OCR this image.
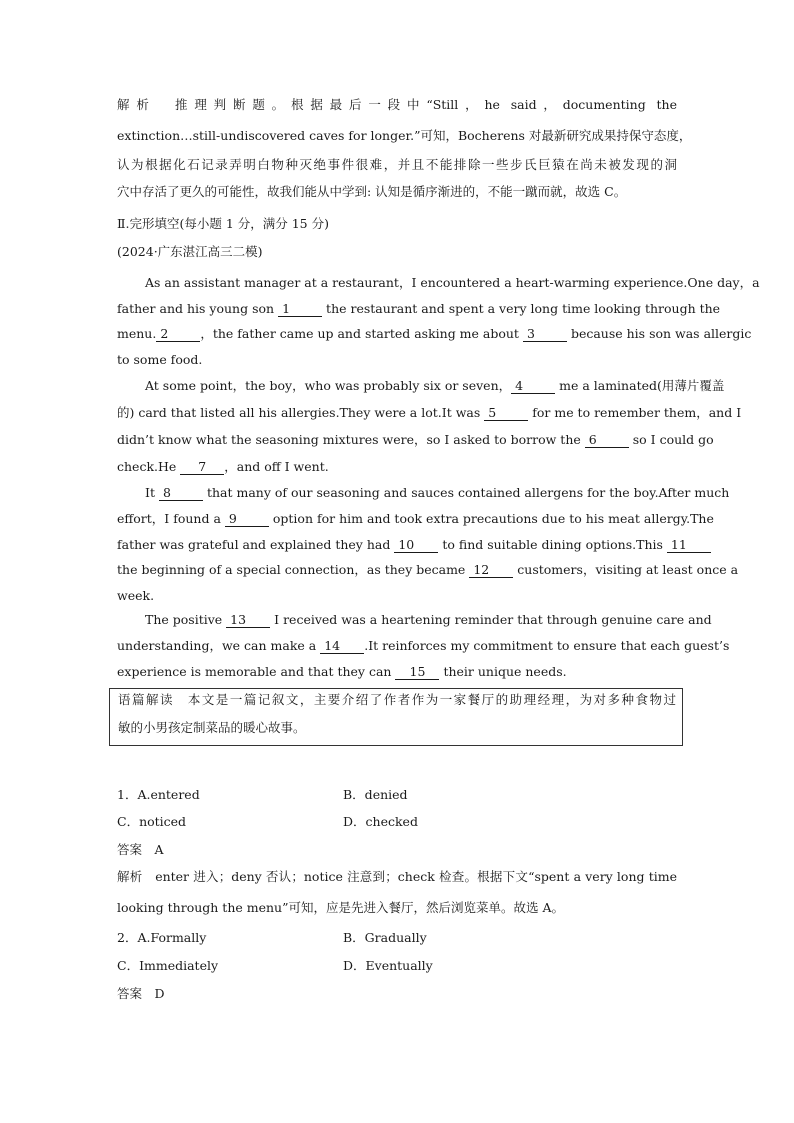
解析　推理判断题。根据最后一段中“Still，he said，documenting the
extinction…still-undiscovered caves for longer.”可知，Bocherens 对最新研究成果持保守态度，
认为根据化石记录弄明白物种灭绝事件很难，并且不能排除一些步氏巨猿在尚未被发现的洞
穴中存活了更久的可能性，故我们能从中学到: 认知是循序渐进的，不能一蹴而就，故选 C。
Ⅱ.完形填空(每小题 1 分，满分 15 分)
(2024·广东湛江高三二模)
As an assistant manager at a restaurant，I encountered a heart-warming experience.One day，a
father and his young son 1	the restaurant and spent a very long time looking through the
menu. 2	，the father came up and started asking me about 3	because his son was allergic
to some food.
At some point，the boy，who was probably six or seven， 4	me a laminated(用薄片覆盖
的) card that listed all his allergies.They were a lot.It was 5	for me to remember them，and I
didn’t know what the seasoning mixtures were，so I asked to borrow the 6	so I could go
check.He 7 ，and off I went.
It 8	that many of our seasoning and sauces contained allergens for the boy.After much
effort，I found a 9	option for him and took extra precautions due to his meat allergy.The
father was grateful and explained they had 10 to find suitable dining options.This 11
the beginning of a special connection，as they became 12 customers，visiting at least once a
week.
The positive 13 I received was a heartening reminder that through genuine care and
understanding，we can make a 14 .It reinforces my commitment to ensure that each guest’s
experience is memorable and that they can 15 their unique needs.
语篇解读　本文是一篇记叙文，主要介绍了作者作为一家餐厅的助理经理，为对多种食物过
敏的小男孩定制菜品的暖心故事。
1．A.entered	B．denied
C．noticed	D．checked
答案　A
解析　enter 进入；deny 否认；notice 注意到；check 检查。根据下文“spent a very long time
looking through the menu”可知，应是先进入餐厅，然后浏览菜单。故选 A。
2．A.Formally	B．Gradually
C．Immediately	D．Eventually
答案　D
